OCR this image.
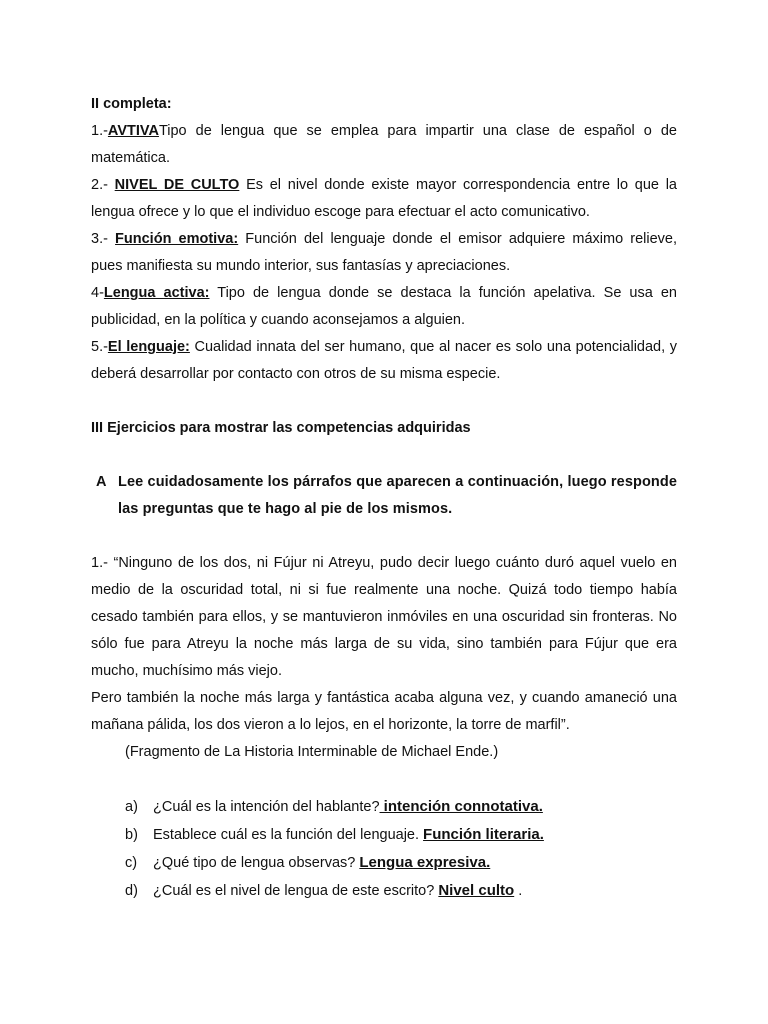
II completa:

1.-AVTIVATipo de lengua que se emplea para impartir una clase de español o de matemática.

2.- NIVEL DE CULTO Es el nivel donde existe mayor correspondencia entre lo que la lengua ofrece y lo que el individuo escoge para efectuar el acto comunicativo.

3.- Función emotiva: Función del lenguaje donde el emisor adquiere máximo relieve, pues manifiesta su mundo interior, sus fantasías y apreciaciones.

4-Lengua activa: Tipo de lengua donde se destaca la función apelativa. Se usa en publicidad, en la política y cuando aconsejamos a alguien.

5.-El lenguaje: Cualidad innata del ser humano, que al nacer es solo una potencialidad, y deberá desarrollar por contacto con otros de su misma especie.

III Ejercicios para mostrar las competencias adquiridas

A Lee cuidadosamente los párrafos que aparecen a continuación, luego responde las preguntas que te hago al pie de los mismos.

1.- “Ninguno de los dos, ni Fújur ni Atreyu, pudo decir luego cuánto duró aquel vuelo en medio de la oscuridad total, ni si fue realmente una noche. Quizá todo tiempo había cesado también para ellos, y se mantuvieron inmóviles en una oscuridad sin fronteras. No sólo fue para Atreyu la noche más larga de su vida, sino también para Fújur que era mucho, muchísimo más viejo.

Pero también la noche más larga y fantástica acaba alguna vez, y cuando amaneció una mañana pálida, los dos vieron a lo lejos, en el horizonte, la torre de marfil”.

(Fragmento de La Historia Interminable de Michael Ende.)

a)	¿Cuál es la intención del hablante? intención connotativa.
b)	Establece cuál es la función del lenguaje. Función literaria.
c)	¿Qué tipo de lengua observas? Lengua expresiva.
d)	¿Cuál es el nivel de lengua de este escrito? Nivel culto .
